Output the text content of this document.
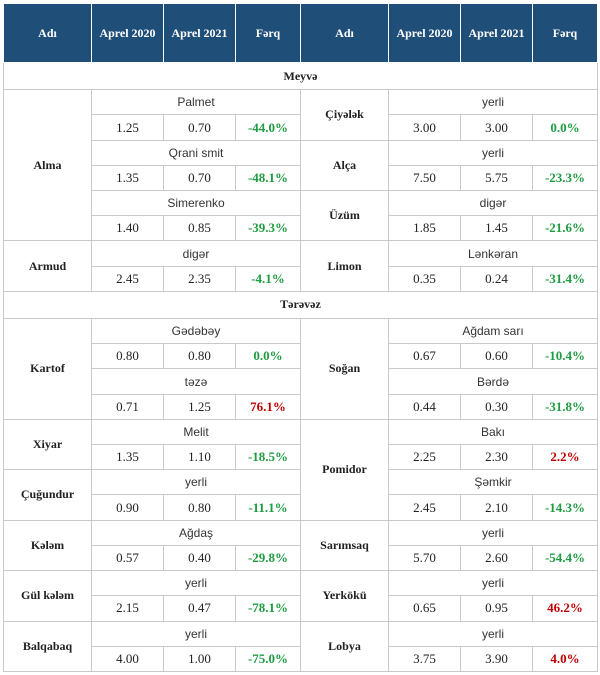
Adı	Aprel 2020	Aprel 2021	Fərq	Adı	Aprel 2020	Aprel 2021	Fərq
Meyvə							
Alma	Palmet			Çiyələk	yerli		
	1.25	0.70	-44.0%		3.00	3.00	0.0%
	Qrani smit			Alça	yerli		
	1.35	0.70	-48.1%		7.50	5.75	-23.3%
	Simerenko			Üzüm	digər		
	1.40	0.85	-39.3%		1.85	1.45	-21.6%
Armud	digər			Limon	Lənkəran		
	2.45	2.35	-4.1%		0.35	0.24	-31.4%
Tərəvəz							
Kartof	Gədəbəy			Soğan	Ağdam sarı		
	0.80	0.80	0.0%		0.67	0.60	-10.4%
	təzə				Bərdə		
	0.71	1.25	76.1%		0.44	0.30	-31.8%
Xiyar	Melit			Pomidor	Bakı		
	1.35	1.10	-18.5%		2.25	2.30	2.2%
Çuğundur	yerli				Şəmkir		
	0.90	0.80	-11.1%		2.45	2.10	-14.3%
Kələm	Ağdaş			Sarımsaq	yerli		
	0.57	0.40	-29.8%		5.70	2.60	-54.4%
Gül kələm	yerli			Yerkökü	yerli		
	2.15	0.47	-78.1%		0.65	0.95	46.2%
Balqabaq	yerli			Lobya	yerli		
	4.00	1.00	-75.0%		3.75	3.90	4.0%
